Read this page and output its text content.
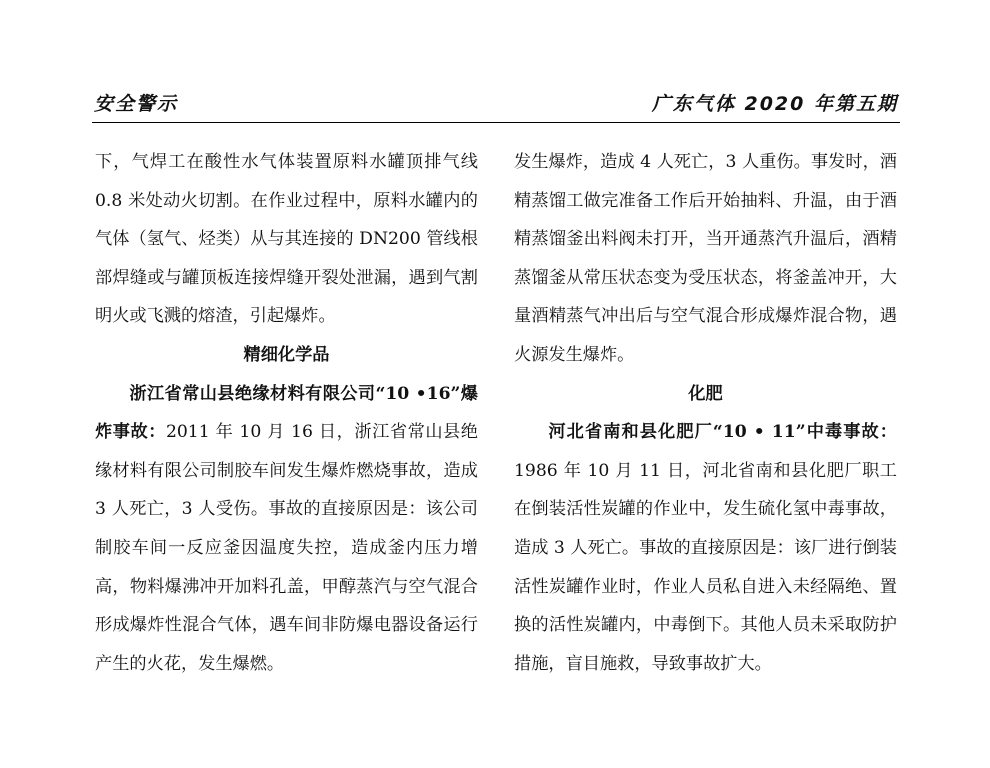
安全警示	广东气体 2020 年第五期

下，气焊工在酸性水气体装置原料水罐顶排气线 0.8 米处动火切割。在作业过程中，原料水罐内的气体（氢气、烃类）从与其连接的 DN200 管线根部焊缝或与罐顶板连接焊缝开裂处泄漏，遇到气割明火或飞溅的熔渣，引起爆炸。

精细化学品

浙江省常山县绝缘材料有限公司“10 •16”爆炸事故：2011 年 10 月 16 日，浙江省常山县绝缘材料有限公司制胶车间发生爆炸燃烧事故，造成 3 人死亡，3 人受伤。事故的直接原因是：该公司制胶车间一反应釜因温度失控，造成釜内压力增高，物料爆沸冲开加料孔盖，甲醇蒸汽与空气混合形成爆炸性混合气体，遇车间非防爆电器设备运行产生的火花，发生爆燃。

发生爆炸，造成 4 人死亡，3 人重伤。事发时，酒精蒸馏工做完准备工作后开始抽料、升温，由于酒精蒸馏釜出料阀未打开，当开通蒸汽升温后，酒精蒸馏釜从常压状态变为受压状态，将釜盖冲开，大量酒精蒸气冲出后与空气混合形成爆炸混合物，遇火源发生爆炸。

化肥

河北省南和县化肥厂“10 • 11”中毒事故：1986 年 10 月 11 日，河北省南和县化肥厂职工在倒装活性炭罐的作业中，发生硫化氢中毒事故，造成 3 人死亡。事故的直接原因是：该厂进行倒装活性炭罐作业时，作业人员私自进入未经隔绝、置换的活性炭罐内，中毒倒下。其他人员未采取防护措施，盲目施救，导致事故扩大。
